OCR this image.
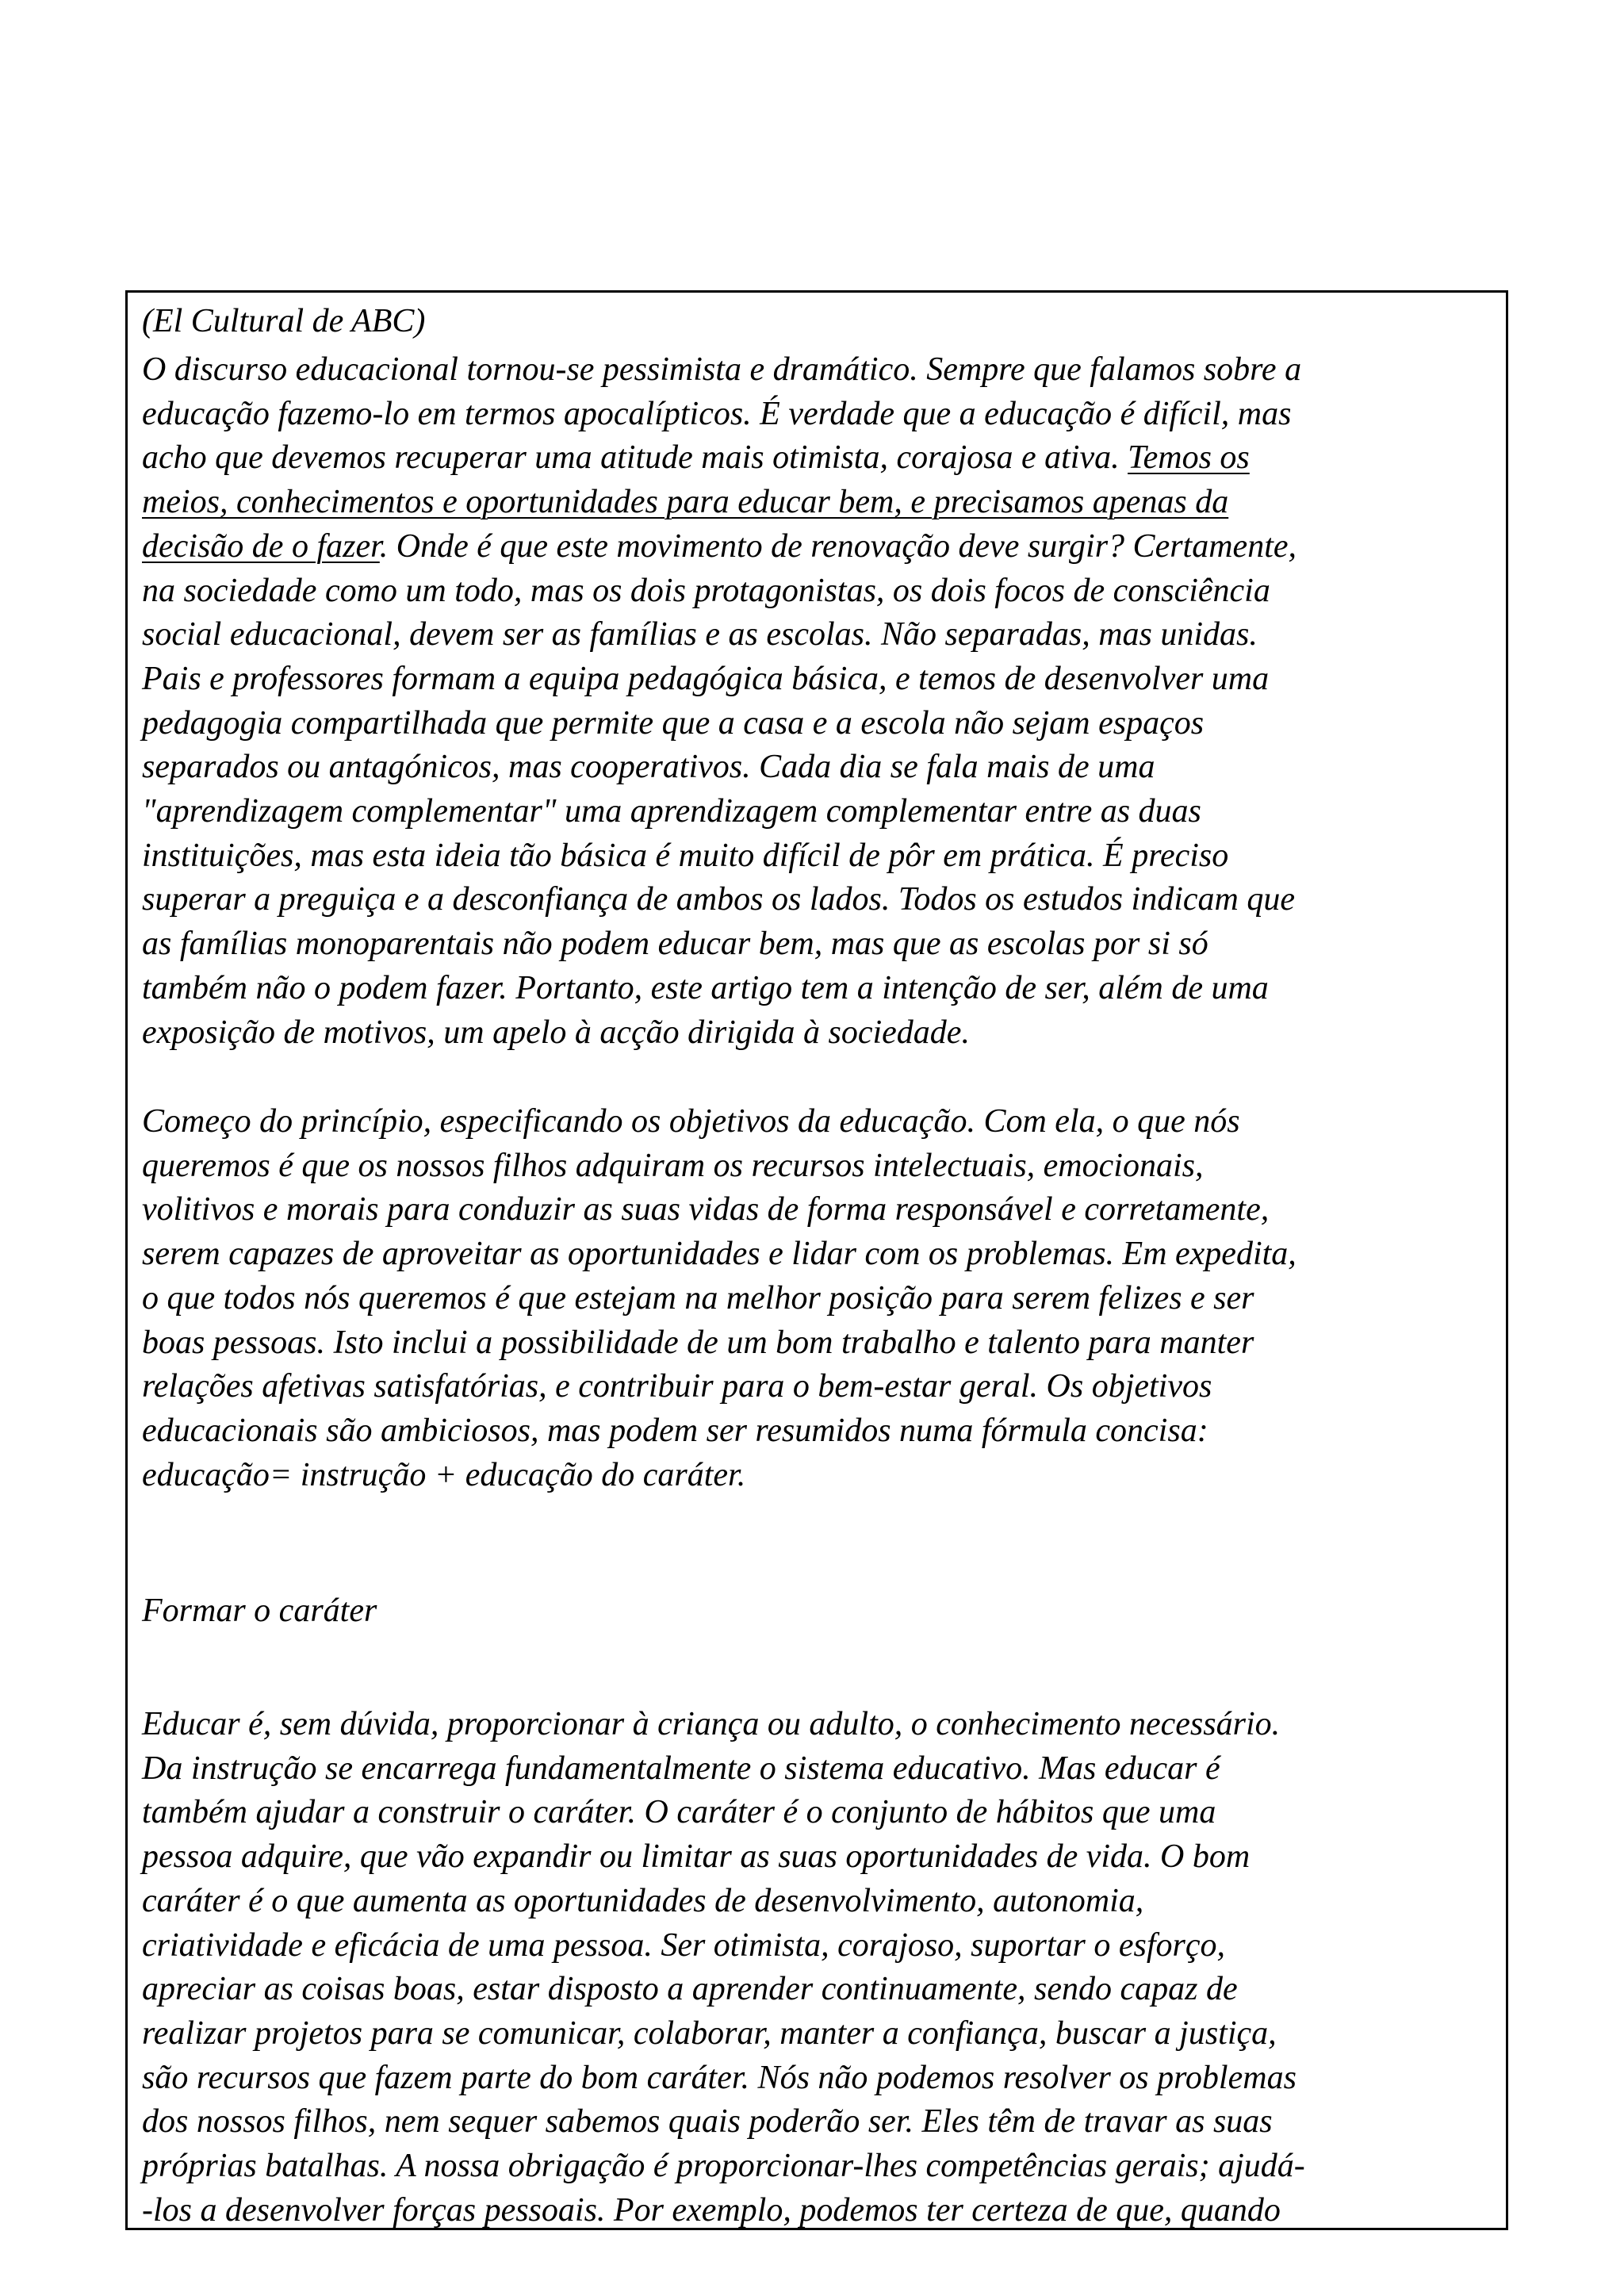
(El Cultural de ABC)
O discurso educacional tornou-se pessimista e dramático. Sempre que falamos sobre a
educação fazemo-lo em termos apocalípticos. É verdade que a educação é difícil, mas
acho que devemos recuperar uma atitude mais otimista, corajosa e ativa. Temos os
meios, conhecimentos e oportunidades para educar bem, e precisamos apenas da
decisão de o fazer. Onde é que este movimento de renovação deve surgir? Certamente,
na sociedade como um todo, mas os dois protagonistas, os dois focos de consciência
social educacional, devem ser as famílias e as escolas. Não separadas, mas unidas.
Pais e professores formam a equipa pedagógica básica, e temos de desenvolver uma
pedagogia compartilhada que permite que a casa e a escola não sejam espaços
separados ou antagónicos, mas cooperativos. Cada dia se fala mais de uma
"aprendizagem complementar" uma aprendizagem complementar entre as duas
instituições, mas esta ideia tão básica é muito difícil de pôr em prática. É preciso
superar a preguiça e a desconfiança de ambos os lados. Todos os estudos indicam que
as famílias monoparentais não podem educar bem, mas que as escolas por si só
também não o podem fazer. Portanto, este artigo tem a intenção de ser, além de uma
exposição de motivos, um apelo à acção dirigida à sociedade.
Começo do princípio, especificando os objetivos da educação. Com ela, o que nós
queremos é que os nossos filhos adquiram os recursos intelectuais, emocionais,
volitivos e morais para conduzir as suas vidas de forma responsável e corretamente,
serem capazes de aproveitar as oportunidades e lidar com os problemas. Em expedita,
o que todos nós queremos é que estejam na melhor posição para serem felizes e ser
boas pessoas. Isto inclui a possibilidade de um bom trabalho e talento para manter
relações afetivas satisfatórias, e contribuir para o bem-estar geral. Os objetivos
educacionais são ambiciosos, mas podem ser resumidos numa fórmula concisa:
educação= instrução + educação do caráter.
Formar o caráter
Educar é, sem dúvida, proporcionar à criança ou adulto, o conhecimento necessário.
Da instrução se encarrega fundamentalmente o sistema educativo. Mas educar é
também ajudar a construir o caráter. O caráter é o conjunto de hábitos que uma
pessoa adquire, que vão expandir ou limitar as suas oportunidades de vida. O bom
caráter é o que aumenta as oportunidades de desenvolvimento, autonomia,
criatividade e eficácia de uma pessoa. Ser otimista, corajoso, suportar o esforço,
apreciar as coisas boas, estar disposto a aprender continuamente, sendo capaz de
realizar projetos para se comunicar, colaborar, manter a confiança, buscar a justiça,
são recursos que fazem parte do bom caráter. Nós não podemos resolver os problemas
dos nossos filhos, nem sequer sabemos quais poderão ser. Eles têm de travar as suas
próprias batalhas. A nossa obrigação é proporcionar-lhes competências gerais; ajudá-
-los a desenvolver forças pessoais. Por exemplo, podemos ter certeza de que, quando
